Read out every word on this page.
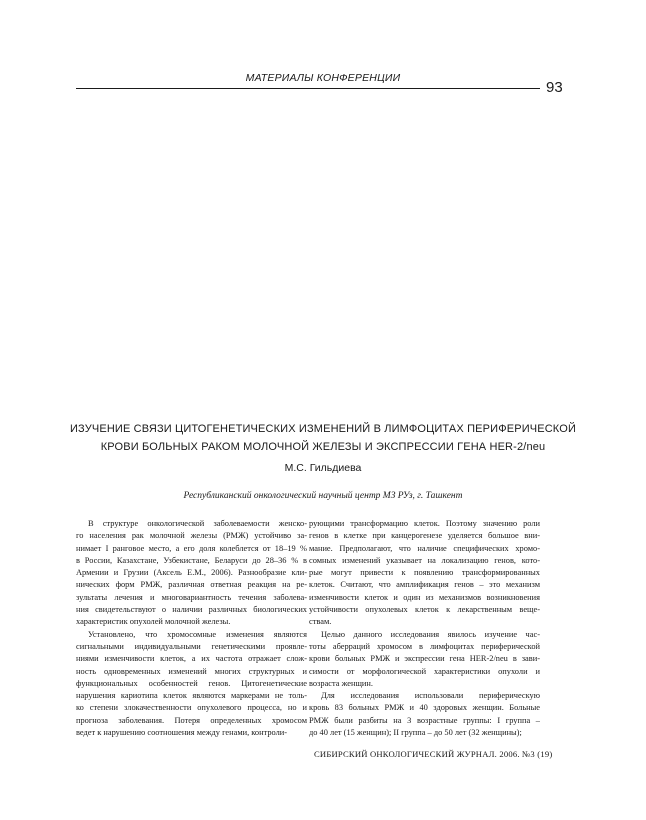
МАТЕРИАЛЫ КОНФЕРЕНЦИИ
93
ИЗУЧЕНИЕ СВЯЗИ ЦИТОГЕНЕТИЧЕСКИХ ИЗМЕНЕНИЙ В ЛИМФОЦИТАХ ПЕРИФЕРИЧЕСКОЙ
КРОВИ БОЛЬНЫХ РАКОМ МОЛОЧНОЙ ЖЕЛЕЗЫ И ЭКСПРЕССИИ ГЕНА HER-2/neu
М.С. Гильдиева
Республиканский онкологический научный центр МЗ РУз, г. Ташкент

В структуре онкологической заболеваемости женско-
го населения рак молочной железы (РМЖ) устойчиво за-
нимает I ранговое место, а его доля колеблется от 18–19 %
в России, Казахстане, Узбекистане, Беларуси до 28–36 % в
Армении и Грузии (Аксель Е.М., 2006). Разнообразие кли-
нических форм РМЖ, различная ответная реакция на ре-
зультаты лечения и многовариантность течения заболева-
ния свидетельствуют о наличии различных биологических
характеристик опухолей молочной железы.

Установлено, что хромосомные изменения являются
сигнальными индивидуальными генетическими проявле-
ниями изменчивости клеток, а их частота отражает слож-
ность одновременных изменений многих структурных и
функциональных особенностей генов. Цитогенетические
нарушения кариотипа клеток являются маркерами не толь-
ко степени злокачественности опухолевого процесса, но и
прогноза заболевания. Потеря определенных хромосом
ведет к нарушению соотношения между генами, контроли-

рующими трансформацию клеток. Поэтому значению роли
генов в клетке при канцерогенезе уделяется большое вни-
мание. Предполагают, что наличие специфических хромо-
сомных изменений указывает на локализацию генов, кото-
рые могут привести к появлению трансформированных
клеток. Считают, что амплификация генов – это механизм
изменчивости клеток и один из механизмов возникновения
устойчивости опухолевых клеток к лекарственным веще-
ствам.

Целью данного исследования явилось изучение час-
тоты аберраций хромосом в лимфоцитах периферической
крови больных РМЖ и экспрессии гена HER-2/neu в зави-
симости от морфологической характеристики опухоли и
возраста женщин.

Для исследования использовали периферическую
кровь 83 больных РМЖ и 40 здоровых женщин. Больные
РМЖ были разбиты на 3 возрастные группы: I группа –
до 40 лет (15 женщин); II группа – до 50 лет (32 женщины);

СИБИРСКИЙ ОНКОЛОГИЧЕСКИЙ ЖУРНАЛ. 2006. №3 (19)
